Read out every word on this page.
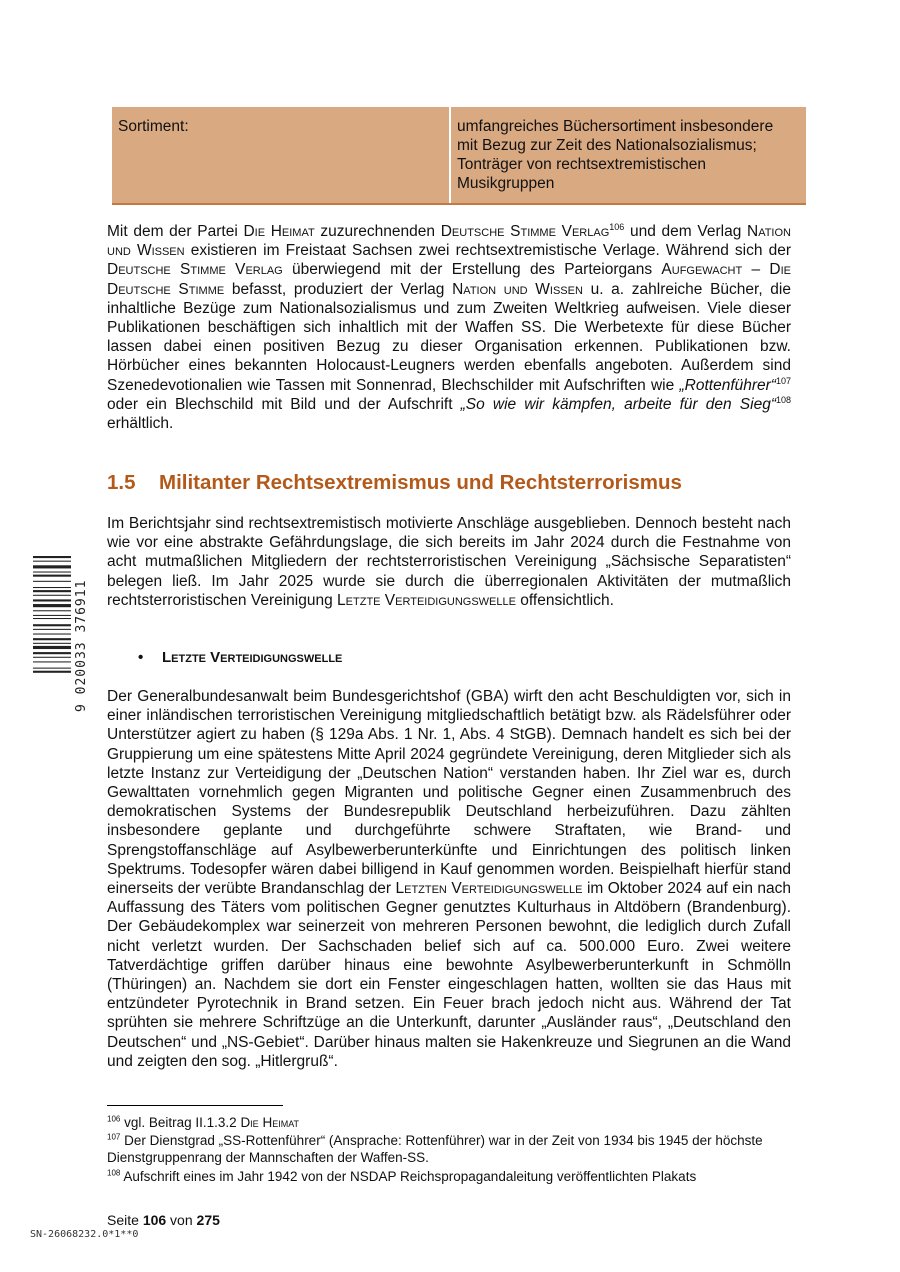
Sortiment:	umfangreiches Büchersortiment insbesondere
mit Bezug zur Zeit des Nationalsozialismus;
Tonträger von rechtsextremistischen
Musikgruppen
Mit dem der Partei Die Heimat zuzurechnenden Deutsche Stimme Verlag$^{106}$ und dem Verlag Nation und Wissen existieren im Freistaat Sachsen zwei rechtsextremistische Verlage. Während sich der Deutsche Stimme Verlag überwiegend mit der Erstellung des Parteiorgans Aufgewacht – Die Deutsche Stimme befasst, produziert der Verlag Nation und Wissen u. a. zahlreiche Bücher, die inhaltliche Bezüge zum Nationalsozialismus und zum Zweiten Weltkrieg aufweisen. Viele dieser Publikationen beschäftigen sich inhaltlich mit der Waffen SS. Die Werbetexte für diese Bücher lassen dabei einen positiven Bezug zu dieser Organisation erkennen. Publikationen bzw. Hörbücher eines bekannten Holocaust-Leugners werden ebenfalls angeboten. Außerdem sind Szenedevotionalien wie Tassen mit Sonnenrad, Blechschilder mit Aufschriften wie „Rottenführer“$^{107}$ oder ein Blechschild mit Bild und der Aufschrift „So wie wir kämpfen, arbeite für den Sieg“$^{108}$ erhältlich.
1.5 Militanter Rechtsextremismus und Rechtsterrorismus
Im Berichtsjahr sind rechtsextremistisch motivierte Anschläge ausgeblieben. Dennoch besteht nach wie vor eine abstrakte Gefährdungslage, die sich bereits im Jahr 2024 durch die Festnahme von acht mutmaßlichen Mitgliedern der rechtsterroristischen Vereinigung „Sächsische Separatisten“ belegen ließ. Im Jahr 2025 wurde sie durch die überregionalen Aktivitäten der mutmaßlich rechtsterroristischen Vereinigung Letzte Verteidigungswelle offensichtlich.
• Letzte Verteidigungswelle
Der Generalbundesanwalt beim Bundesgerichtshof (GBA) wirft den acht Beschuldigten vor, sich in einer inländischen terroristischen Vereinigung mitgliedschaftlich betätigt bzw. als Rädelsführer oder Unterstützer agiert zu haben (§ 129a Abs. 1 Nr. 1, Abs. 4 StGB). Demnach handelt es sich bei der Gruppierung um eine spätestens Mitte April 2024 gegründete Vereinigung, deren Mitglieder sich als letzte Instanz zur Verteidigung der „Deutschen Nation“ verstanden haben. Ihr Ziel war es, durch Gewalttaten vornehmlich gegen Migranten und politische Gegner einen Zusammenbruch des demokratischen Systems der Bundesrepublik Deutschland herbeizuführen. Dazu zählten insbesondere geplante und durchgeführte schwere Straftaten, wie Brand- und Sprengstoffanschläge auf Asylbewerberunterkünfte und Einrichtungen des politisch linken Spektrums. Todesopfer wären dabei billigend in Kauf genommen worden. Beispielhaft hierfür stand einerseits der verübte Brandanschlag der Letzten Verteidigungswelle im Oktober 2024 auf ein nach Auffassung des Täters vom politischen Gegner genutztes Kulturhaus in Altdöbern (Brandenburg). Der Gebäudekomplex war seinerzeit von mehreren Personen bewohnt, die lediglich durch Zufall nicht verletzt wurden. Der Sachschaden belief sich auf ca. 500.000 Euro. Zwei weitere Tatverdächtige griffen darüber hinaus eine bewohnte Asylbewerberunterkunft in Schmölln (Thüringen) an. Nachdem sie dort ein Fenster eingeschlagen hatten, wollten sie das Haus mit entzündeter Pyrotechnik in Brand setzen. Ein Feuer brach jedoch nicht aus. Während der Tat sprühten sie mehrere Schriftzüge an die Unterkunft, darunter „Ausländer raus“, „Deutschland den Deutschen“ und „NS-Gebiet“. Darüber hinaus malten sie Hakenkreuze und Siegrunen an die Wand und zeigten den sog. „Hitlergruß“.
$^{106}$ vgl. Beitrag II.1.3.2 Die Heimat
$^{107}$ Der Dienstgrad „SS-Rottenführer“ (Ansprache: Rottenführer) war in der Zeit von 1934 bis 1945 der höchste Dienstgruppenrang der Mannschaften der Waffen-SS.
$^{108}$ Aufschrift eines im Jahr 1942 von der NSDAP Reichspropagandaleitung veröffentlichten Plakats
Seite 106 von 275
SN-26068232.0*1**0
9 020033 376911
